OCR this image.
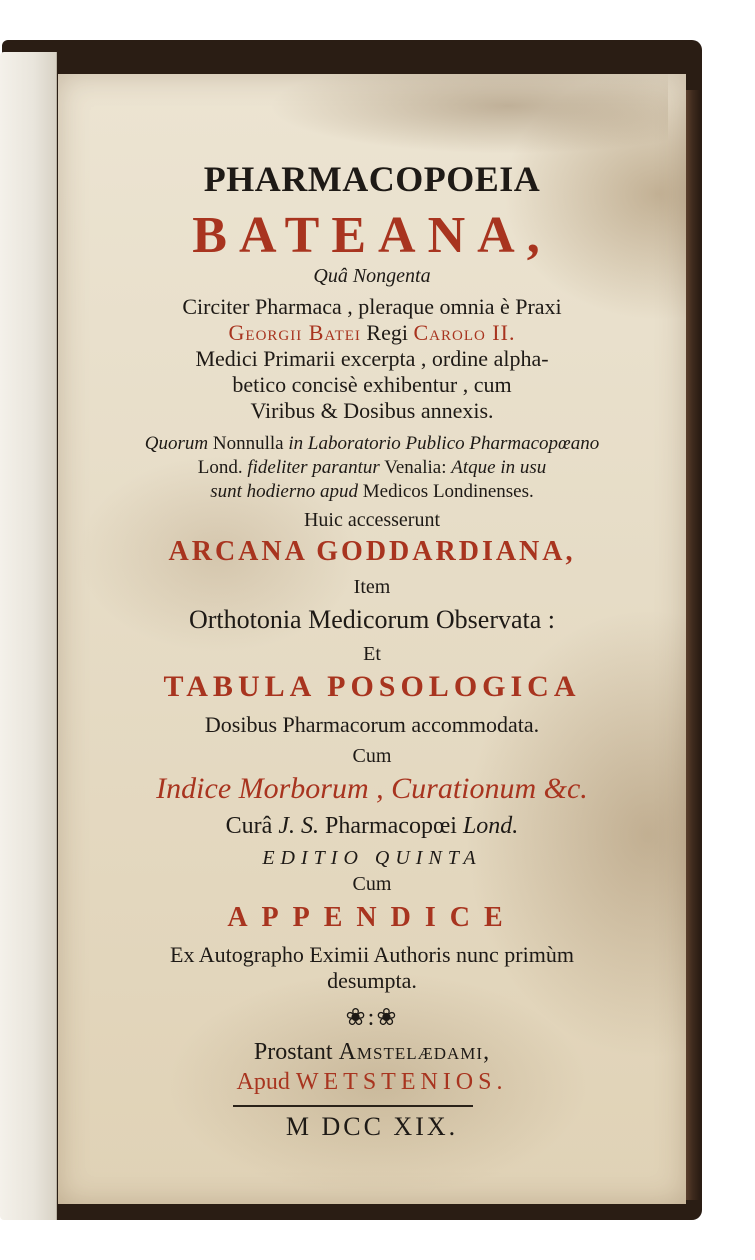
PHARMACOPOEIA
BATEANA,
Quâ Nongenta
Circiter Pharmaca , pleraque omnia è Praxi
Georgii Batei Regi Carolo II.
Medici Primarii excerpta , ordine alpha-
betico concisè exhibentur , cum
Viribus & Dosibus annexis.
Quorum Nonnulla in Laboratorio Publico Pharmacopœano
Lond. fideliter parantur Venalia: Atque in usu
sunt hodierno apud Medicos Londinenses.
Huic accesserunt
ARCANA GODDARDIANA,
Item
Orthotonia Medicorum Observata :
Et
TABULA POSOLOGICA
Dosibus Pharmacorum accommodata.
Cum
Indice Morborum , Curationum &c.
Curâ J. S. Pharmacopœi Lond.
EDITIO QUINTA
Cum
APPENDICE
Ex Autographo Eximii Authoris nunc primùm
desumpta.
❀:❀
Prostant Amstelædami,
Apud WETSTENIOS.
M DCC XIX.
